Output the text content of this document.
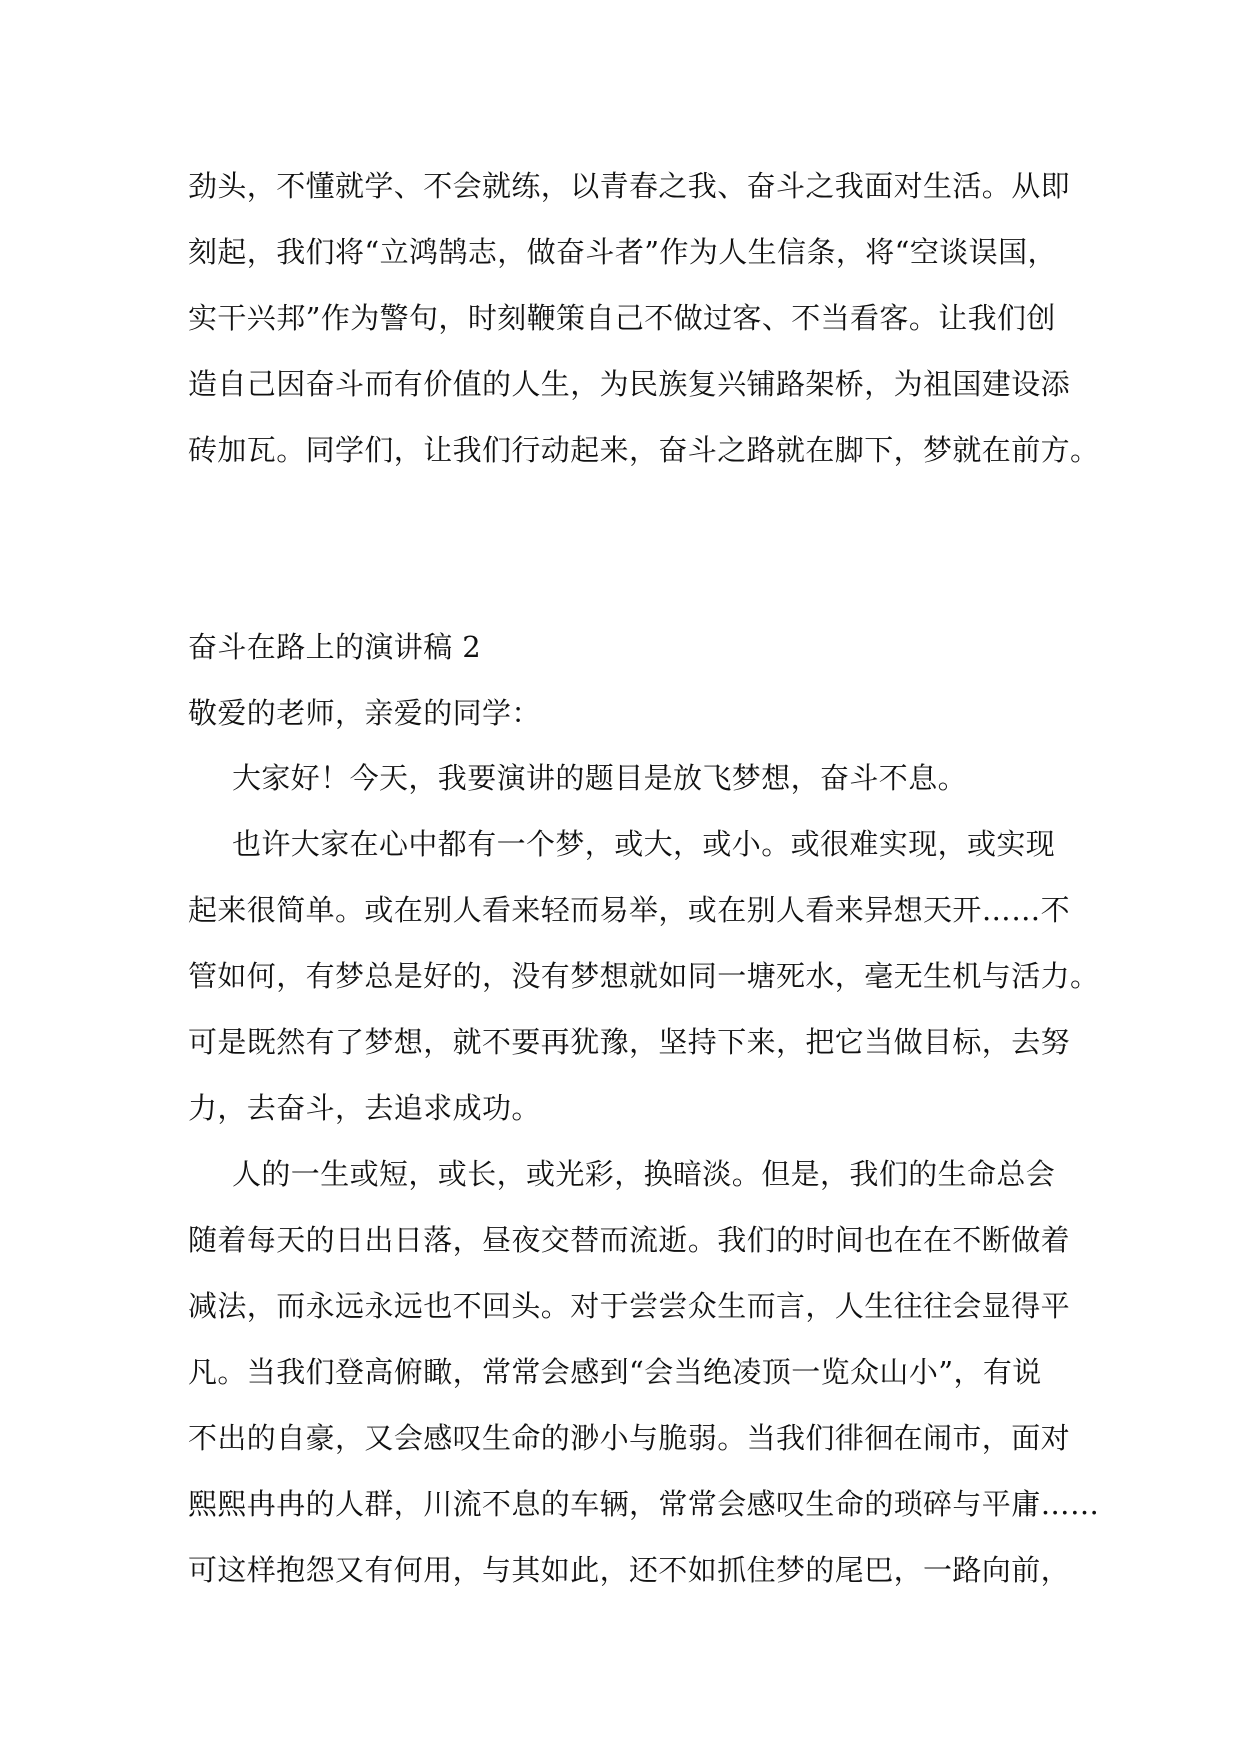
劲头，不懂就学、不会就练，以青春之我、奋斗之我面对生活。从即
刻起，我们将“立鸿鹄志，做奋斗者”作为人生信条，将“空谈误国，
实干兴邦”作为警句，时刻鞭策自己不做过客、不当看客。让我们创
造自己因奋斗而有价值的人生，为民族复兴铺路架桥，为祖国建设添
砖加瓦。同学们，让我们行动起来，奋斗之路就在脚下，梦就在前方。

奋斗在路上的演讲稿 2

敬爱的老师，亲爱的同学：

大家好！今天，我要演讲的题目是放飞梦想，奋斗不息。

也许大家在心中都有一个梦，或大，或小。或很难实现，或实现
起来很简单。或在别人看来轻而易举，或在别人看来异想天开……不
管如何，有梦总是好的，没有梦想就如同一塘死水，毫无生机与活力。
可是既然有了梦想，就不要再犹豫，坚持下来，把它当做目标，去努
力，去奋斗，去追求成功。

人的一生或短，或长，或光彩，换暗淡。但是，我们的生命总会
随着每天的日出日落，昼夜交替而流逝。我们的时间也在在不断做着
减法，而永远永远也不回头。对于尝尝众生而言，人生往往会显得平
凡。当我们登高俯瞰，常常会感到“会当绝凌顶一览众山小”，有说
不出的自豪，又会感叹生命的渺小与脆弱。当我们徘徊在闹市，面对
熙熙冉冉的人群，川流不息的车辆，常常会感叹生命的琐碎与平庸……
可这样抱怨又有何用，与其如此，还不如抓住梦的尾巴，一路向前，
